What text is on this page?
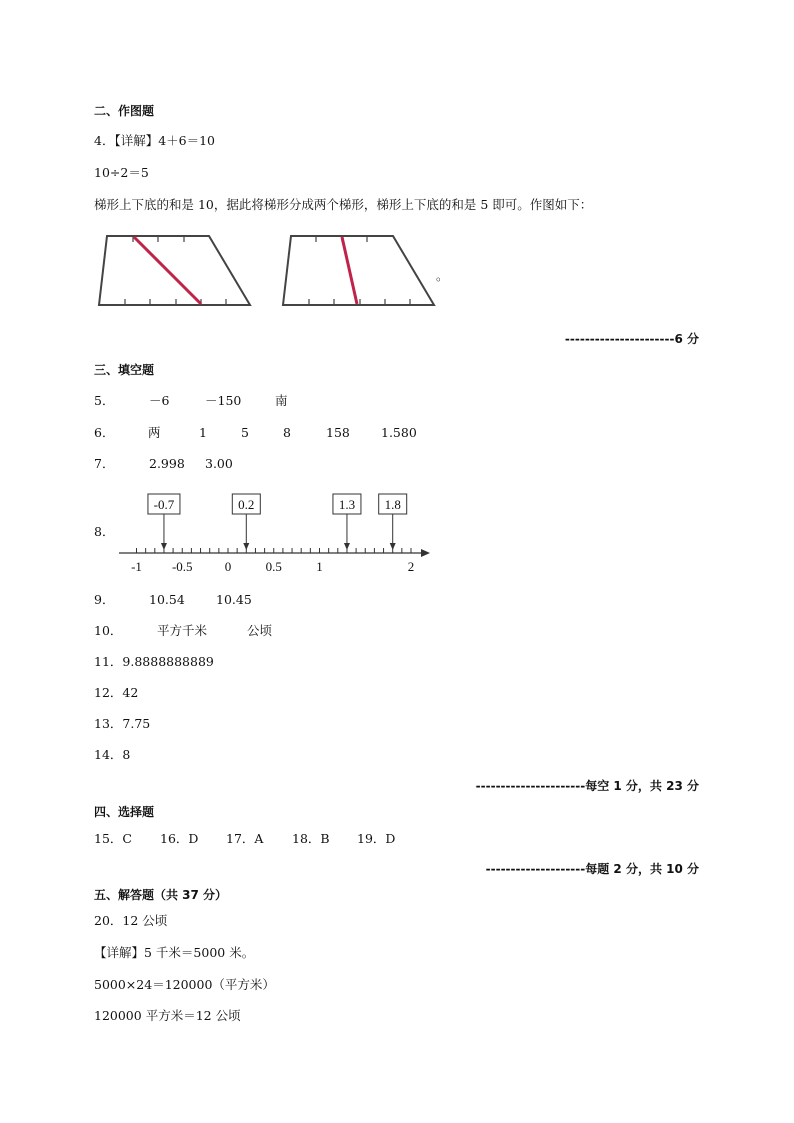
二、作图题
4．【详解】4＋6＝10
10÷2＝5
梯形上下底的和是 10，据此将梯形分成两个梯形，梯形上下底的和是 5 即可。作图如下：
。
----------------------6 分
三、填空题
5．	－6	－150	南
6．	两	1	5	8	158 1.580
7．	2.998 3.00
8．
-1 -0.5 0	0.5	1	2
-0.7	0.2	1.3 1.8
9．	10.54 10.45
10．	平方千米	公顷
11．9.8888888889
12．42
13．7.75
14．8
----------------------每空 1 分，共 23 分
四、选择题
15．C 16．D 17．A 18．B 19．D
--------------------每题 2 分，共 10 分
五、解答题（共 37 分）
20．12 公顷
【详解】5 千米＝5000 米。
5000×24＝120000（平方米）
120000 平方米＝12 公顷
